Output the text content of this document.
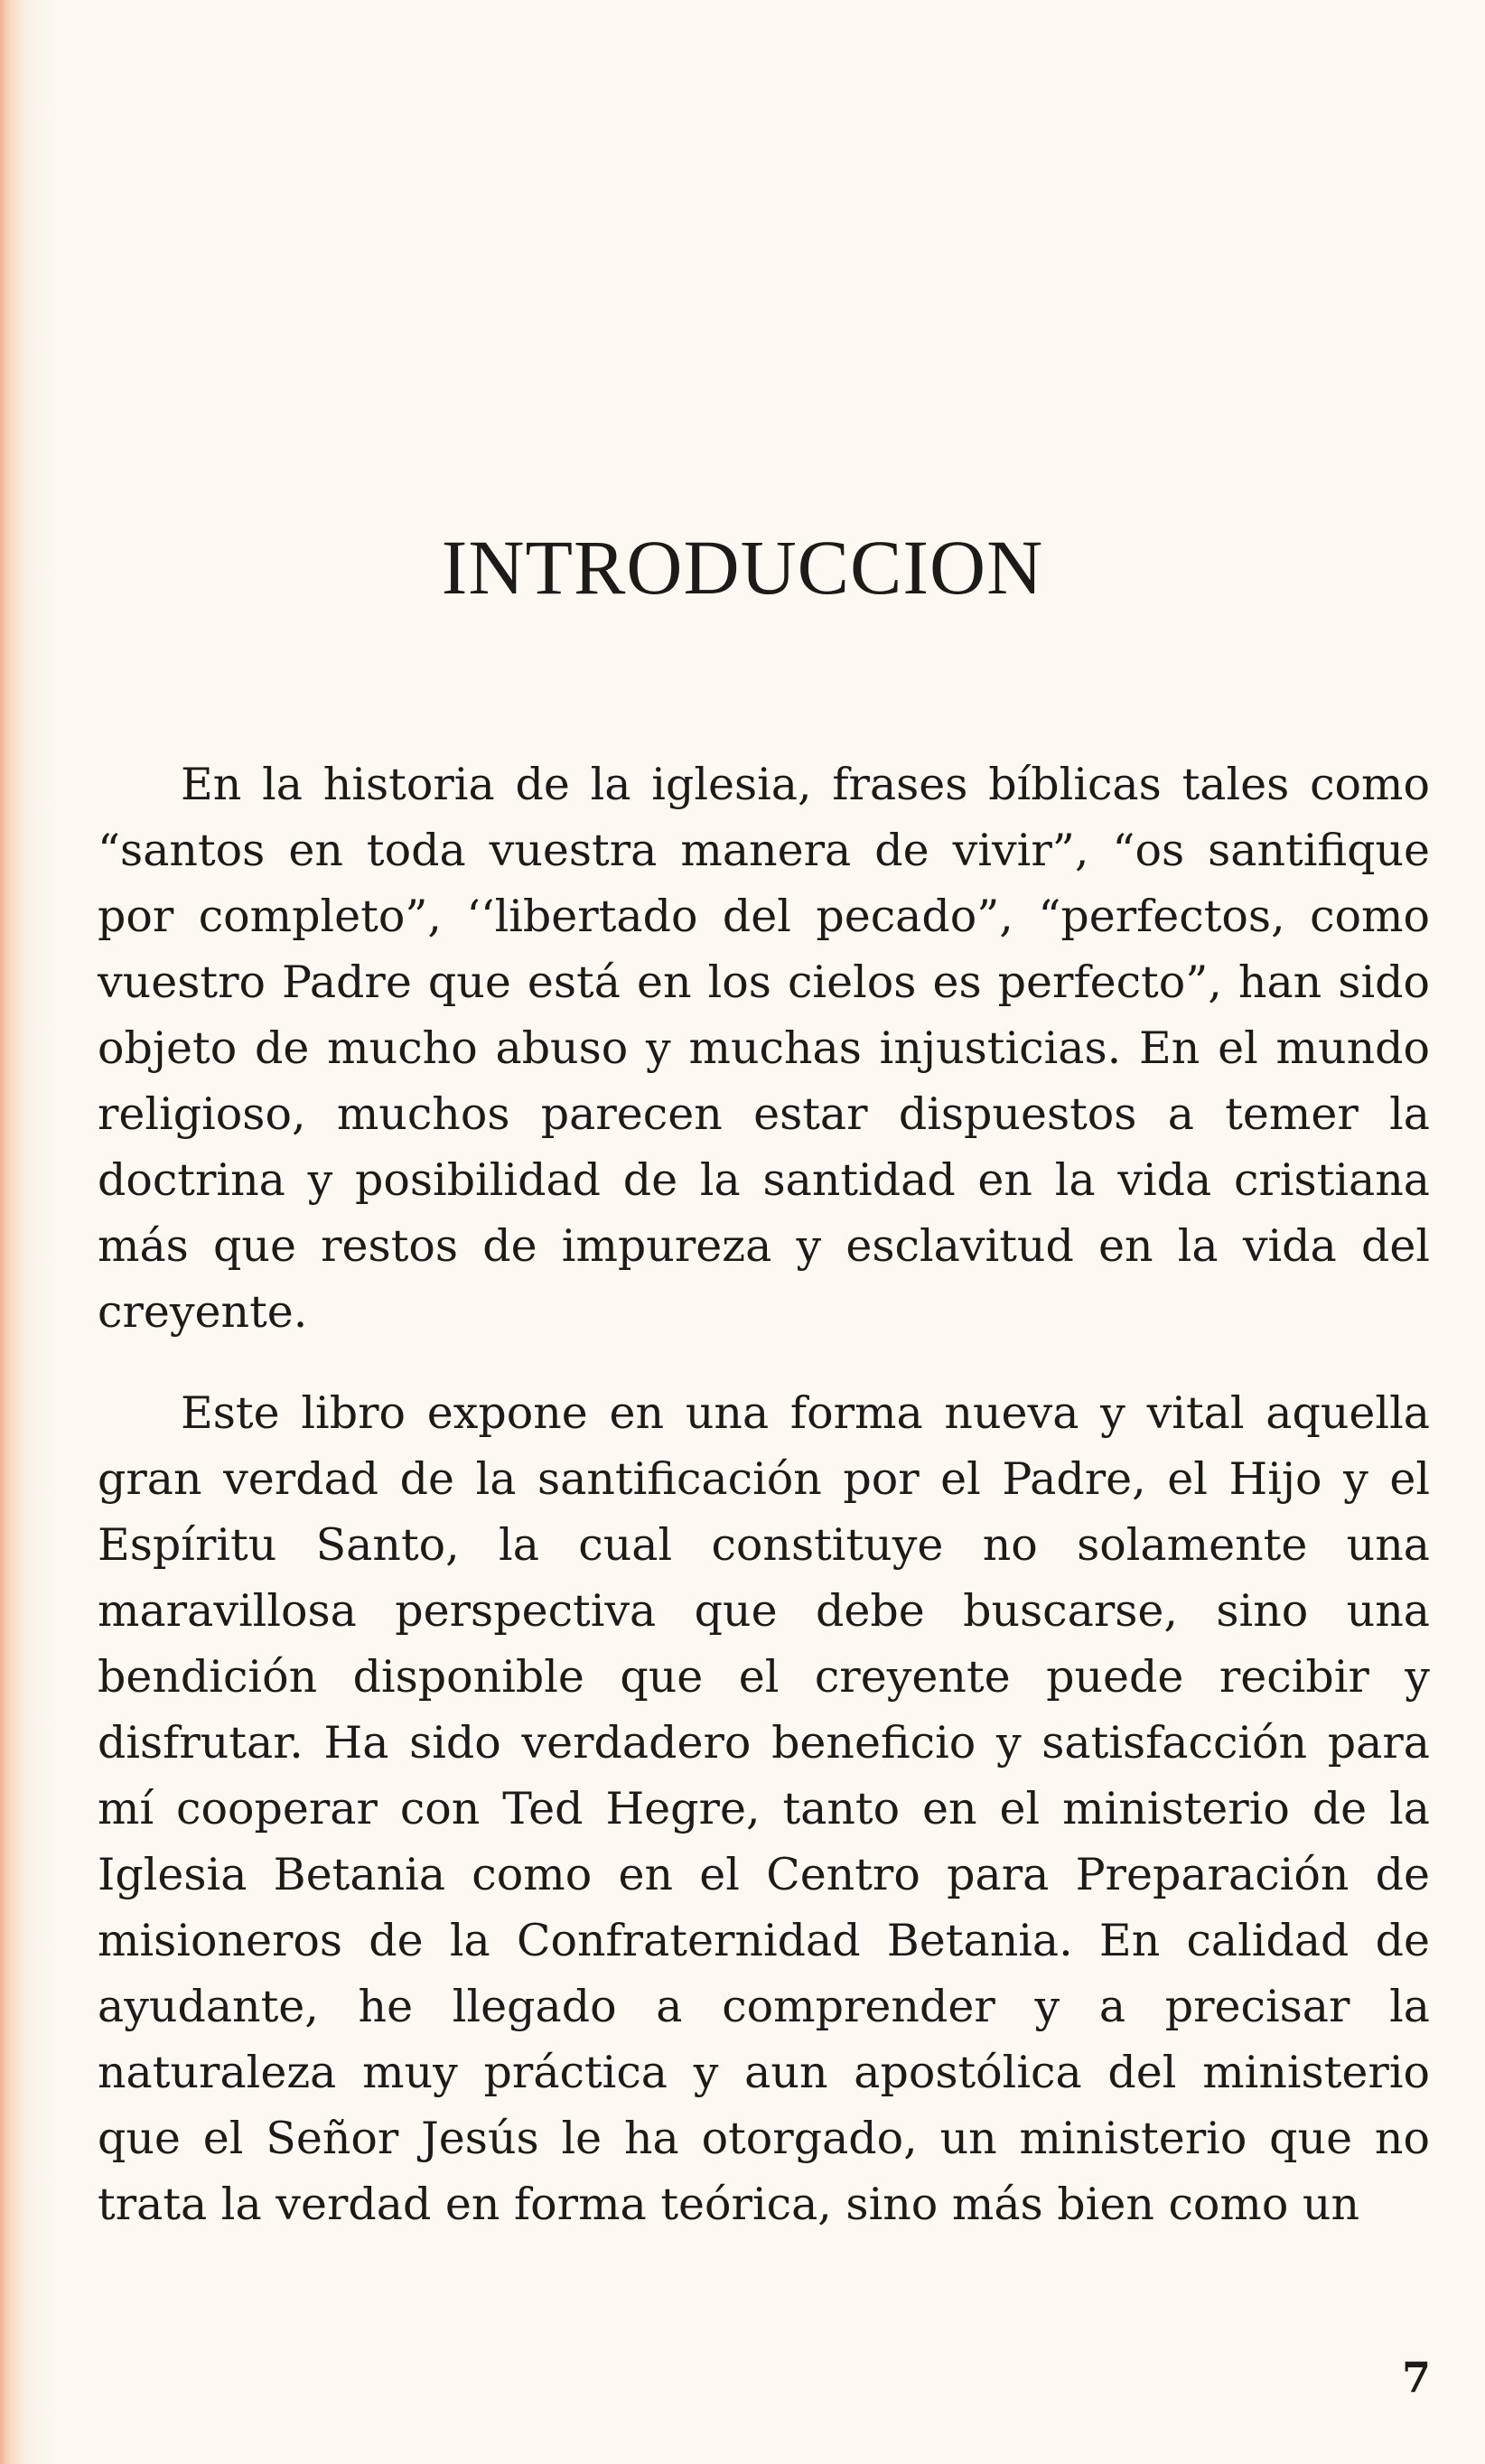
INTRODUCCION

En la historia de la iglesia, frases bíblicas tales como “santos en toda vuestra manera de vivir”, “os santifique por completo”, ‘‘libertado del pecado”, “perfectos, como vuestro Padre que está en los cielos es perfecto”, han sido objeto de mucho abuso y muchas injusticias. En el mundo religioso, muchos parecen estar dispuestos a temer la doctrina y posibilidad de la santidad en la vida cristiana más que restos de impureza y esclavitud en la vida del creyente.

Este libro expone en una forma nueva y vital aquella gran verdad de la santificación por el Padre, el Hijo y el Espíritu Santo, la cual constituye no solamente una maravillosa perspectiva que debe buscarse, sino una bendición disponible que el creyente puede recibir y disfrutar. Ha sido verdadero beneficio y satisfacción para mí cooperar con Ted Hegre, tanto en el ministerio de la Iglesia Betania como en el Centro para Preparación de misioneros de la Confraternidad Betania. En calidad de ayudante, he llegado a comprender y a precisar la naturaleza muy práctica y aun apostólica del ministerio que el Señor Jesús le ha otorgado, un ministerio que no trata la verdad en forma teórica, sino más bien como un

7
